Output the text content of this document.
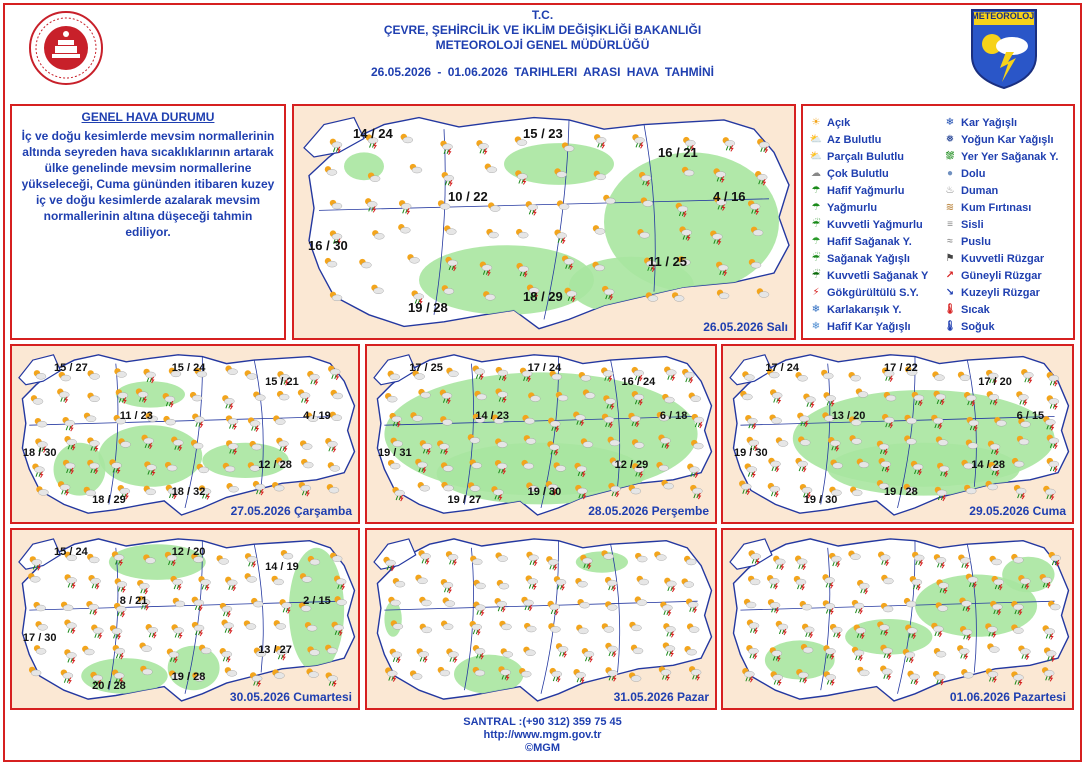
METEOROLOJİ
T.C.
ÇEVRE, ŞEHİRCİLİK VE İKLİM DEĞİŞİKLİĞİ BAKANLIĞI
METEOROLOJİ GENEL MÜDÜRLÜĞÜ
26.05.2026 - 01.06.2026 TARIHLERI ARASI HAVA TAHMİNİ
GENEL HAVA DURUMU
İç ve doğu kesimlerde mevsim normallerinin altında seyreden hava sıcaklıklarının artarak ülke genelinde mevsim normallerine yükseleceği, Cuma gününden itibaren kuzey iç ve doğu kesimlerde azalarak mevsim normallerinin altına düşeceği tahmin ediliyor.
14 / 24	15 / 23
16 / 21
10 / 22	4 / 16
16 / 30
11 / 25
19 / 28
18 / 29
26.05.2026 Salı
15 / 27	15 / 24
15 / 21
11 / 23	4 / 19
18 / 30
12 / 28
18 / 29
18 / 32
27.05.2026 Çarşamba
17 / 25	17 / 24
16 / 24
14 / 23	6 / 18
19 / 31
12 / 29
19 / 27
19 / 30
28.05.2026 Perşembe
17 / 24	17 / 22
17 / 20
13 / 20	6 / 15
19 / 30
14 / 28
19 / 30
19 / 28
29.05.2026 Cuma
15 / 24	12 / 20
14 / 19
8 / 21	2 / 15
17 / 30
13 / 27
20 / 28
19 / 28
30.05.2026 Cumartesi	31.05.2026 Pazar	01.06.2026 Pazartesi
☀ Açık
⛅ Az Bulutlu
⛅ Parçalı Bulutlu
☁ Çok Bulutlu
☂ Hafif Yağmurlu
☂ Yağmurlu
☔ Kuvvetli Yağmurlu
☂ Hafif Sağanak Y.
☔ Sağanak Yağışlı
☔ Kuvvetli Sağanak Y
⚡ Gökgürültülü S.Y.
❄ Karlakarışık Y.
❄ Hafif Kar Yağışlı
❄ Kar Yağışlı
❅ Yoğun Kar Yağışlı
⛆ Yer Yer Sağanak Y.
● Dolu
♨ Duman
≋ Kum Fırtınası
≡ Sisli
≈ Puslu
⚑ Kuvvetli Rüzgar
↗ Güneyli Rüzgar
↘ Kuzeyli Rüzgar
🌡 Sıcak
🌡 Soğuk
SANTRAL :(+90 312) 359 75 45
http://www.mgm.gov.tr
©MGM
